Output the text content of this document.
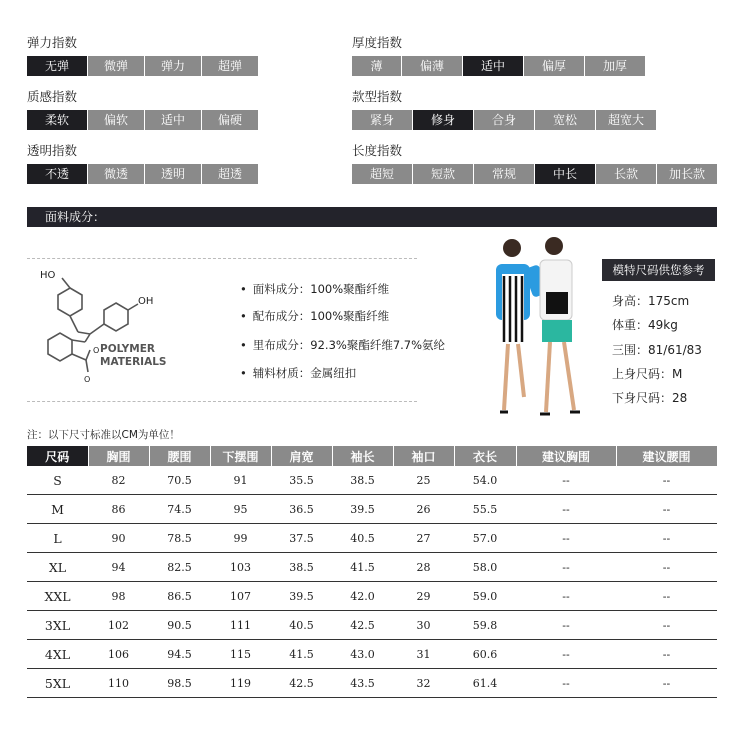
弹力指数
无弹	微弹	弹力	超弹
厚度指数
薄	偏薄	适中	偏厚	加厚
质感指数
柔软	偏软	适中	偏硬
款型指数
紧身	修身	合身	宽松	超宽大
透明指数
不透	微透	透明	超透
长度指数
超短	短款	常规	中长	长款	加长款
面料成分：
HO
OH
O
O
POLYMER
MATERIALS
• 面料成分：100%聚酯纤维
• 配布成分：100%聚酯纤维
• 里布成分：92.3%聚酯纤维7.7%氨纶
• 辅料材质：金属纽扣
模特尺码供您参考
身高：175cm
体重：49kg
三围：81/61/83
上身尺码：M
下身尺码：28
注：以下尺寸标准以CM为单位！
尺码	胸围	腰围	下摆围	肩宽	袖长	袖口	衣长	建议胸围	建议腰围
S	82	70.5	91	35.5	38.5	25	54.0	--	--
M	86	74.5	95	36.5	39.5	26	55.5	--	--
L	90	78.5	99	37.5	40.5	27	57.0	--	--
XL	94	82.5	103	38.5	41.5	28	58.0	--	--
XXL	98	86.5	107	39.5	42.0	29	59.0	--	--
3XL	102	90.5	111	40.5	42.5	30	59.8	--	--
4XL	106	94.5	115	41.5	43.0	31	60.6	--	--
5XL	110	98.5	119	42.5	43.5	32	61.4	--	--
